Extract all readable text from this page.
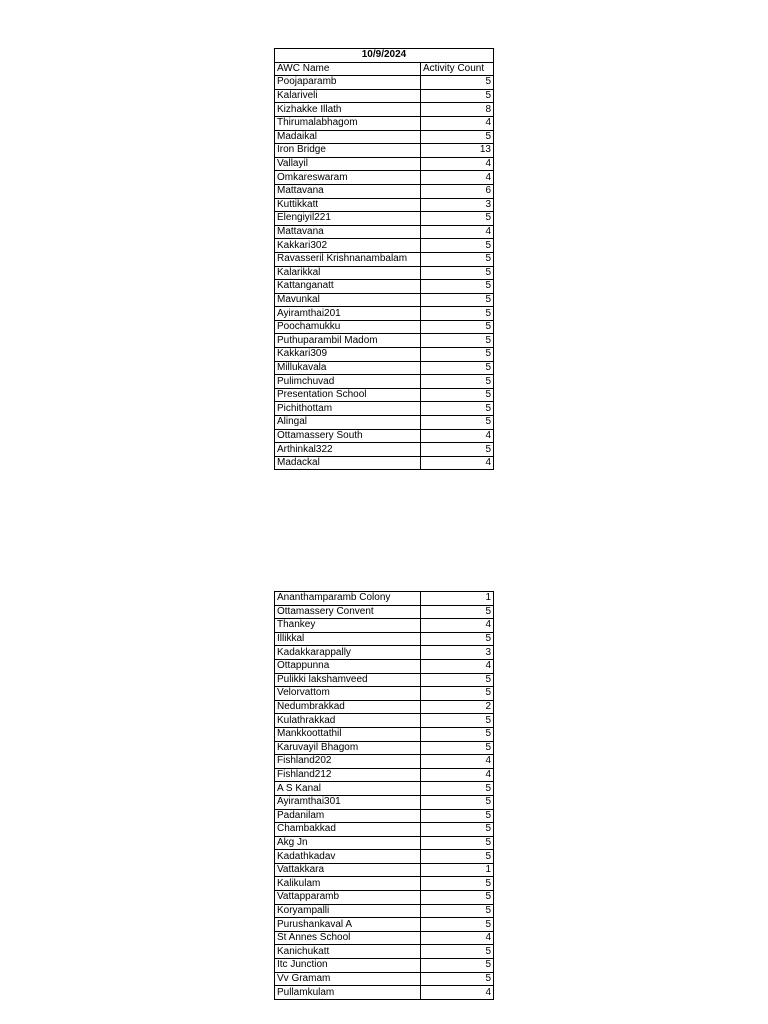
10/9/2024	
AWC Name	Activity Count
Poojaparamb	5
Kalariveli	5
Kizhakke Illath	8
Thirumalabhagom	4
Madaikal	5
Iron Bridge	13
Vallayil	4
Omkareswaram	4
Mattavana	6
Kuttikkatt	3
Elengiyil221	5
Mattavana	4
Kakkari302	5
Ravasseril Krishnanambalam	5
Kalarikkal	5
Kattanganatt	5
Mavunkal	5
Ayiramthai201	5
Poochamukku	5
Puthuparambil Madom	5
Kakkari309	5
Millukavala	5
Pulimchuvad	5
Presentation School	5
Pichithottam	5
Alingal	5
Ottamassery South	4
Arthinkal322	5
Madackal	4
Ananthamparamb Colony	1
Ottamassery Convent	5
Thankey	4
Illikkal	5
Kadakkarappally	3
Ottappunna	4
Pulikki lakshamveed	5
Velorvattom	5
Nedumbrakkad	2
Kulathrakkad	5
Mankkoottathil	5
Karuvayil Bhagom	5
Fishland202	4
Fishland212	4
A S Kanal	5
Ayiramthai301	5
Padanilam	5
Chambakkad	5
Akg Jn	5
Kadathkadav	5
Vattakkara	1
Kalikulam	5
Vattapparamb	5
Koryampalli	5
Purushankaval A	5
St Annes School	4
Kanichukatt	5
Itc Junction	5
Vv Gramam	5
Pullamkulam	4
